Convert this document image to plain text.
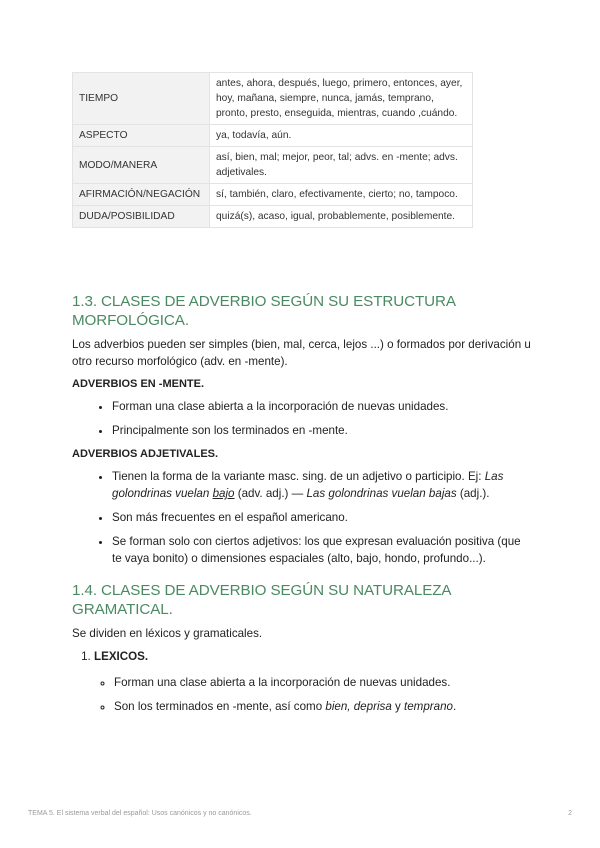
TIEMPO	antes, ahora, después, luego, primero, entonces, ayer, hoy, mañana, siempre, nunca, jamás, temprano, pronto, presto, enseguida, mientras, cuando ,cuándo.
ASPECTO	ya, todavía, aún.
MODO/MANERA	así, bien, mal; mejor, peor, tal; advs. en -mente; advs. adjetivales.
AFIRMACIÓN/NEGACIÓN	sí, también, claro, efectivamente, cierto; no, tampoco.
DUDA/POSIBILIDAD	quizá(s), acaso, igual, probablemente, posiblemente.
1.3. CLASES DE ADVERBIO SEGÚN SU ESTRUCTURA MORFOLÓGICA.

Los adverbios pueden ser simples (bien, mal, cerca, lejos ...) o formados por derivación u otro recurso morfológico (adv. en -mente).

ADVERBIOS EN -MENTE.
• Forman una clase abierta a la incorporación de nuevas unidades.
• Principalmente son los terminados en -mente.
ADVERBIOS ADJETIVALES.
• Tienen la forma de la variante masc. sing. de un adjetivo o participio. Ej: Las golondrinas vuelan bajo (adv. adj.) — Las golondrinas vuelan bajas (adj.).
• Son más frecuentes en el español americano.
• Se forman solo con ciertos adjetivos: los que expresan evaluación positiva (que te vaya bonito) o dimensiones espaciales (alto, bajo, hondo, profundo...).
1.4. CLASES DE ADVERBIO SEGÚN SU NATURALEZA GRAMATICAL.

Se dividen en léxicos y gramaticales.

1. LEXICOS.
◦ Forman una clase abierta a la incorporación de nuevas unidades.
◦ Son los terminados en -mente, así como bien, deprisa y temprano.
TEMA 5. El sistema verbal del español: Usos canónicos y no canónicos.	2
